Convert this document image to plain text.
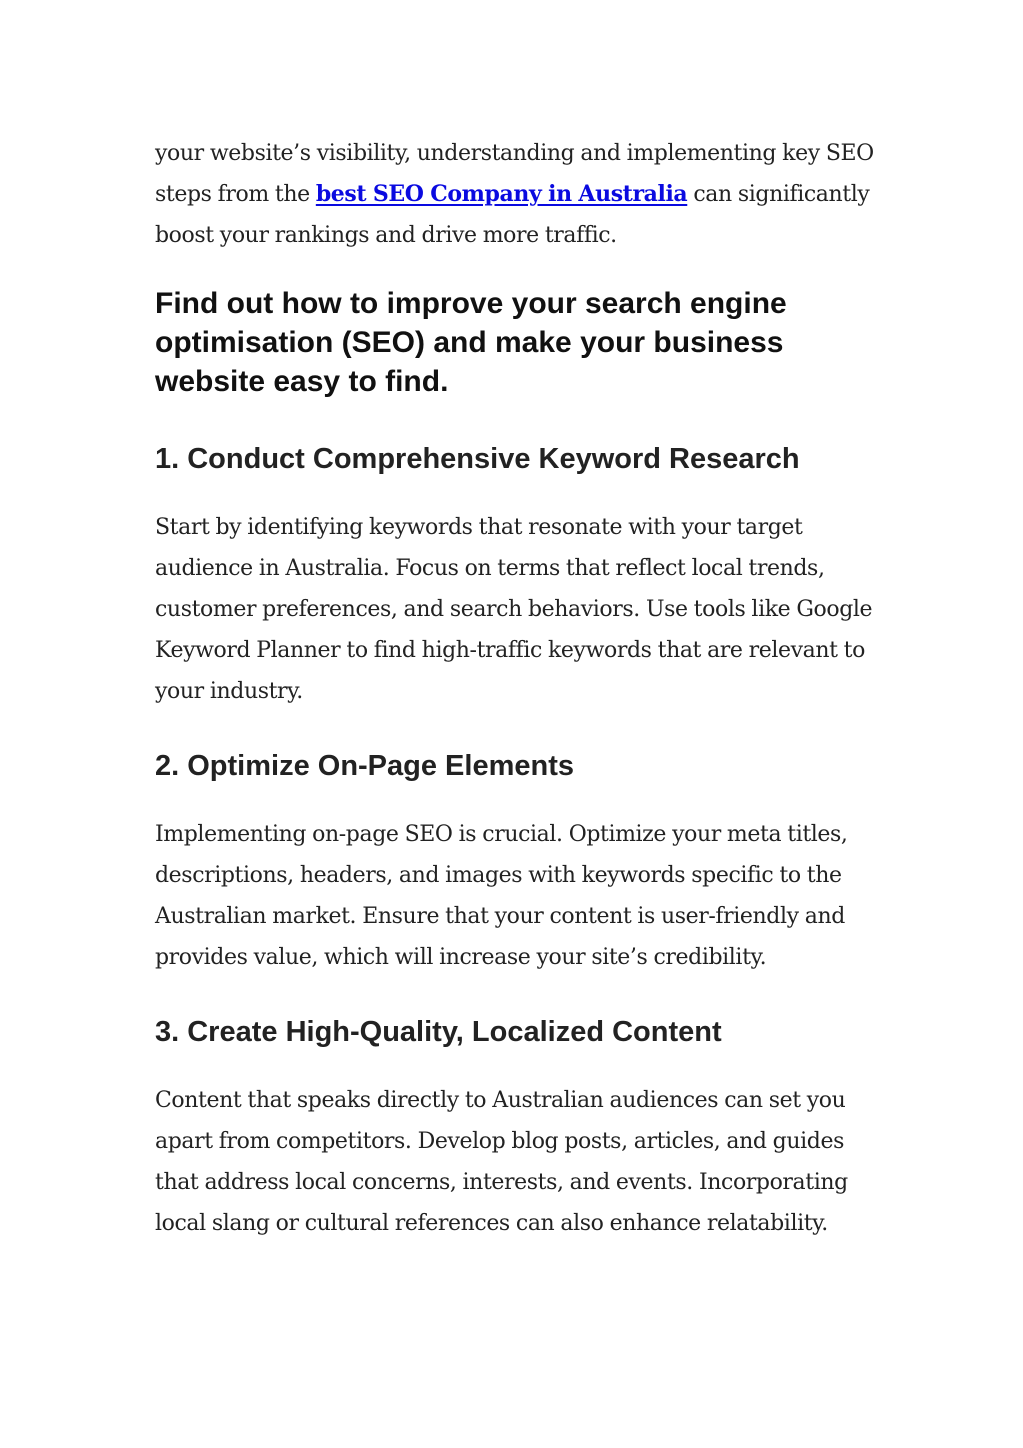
your website’s visibility, understanding and implementing key SEO steps from the best SEO Company in Australia can significantly boost your rankings and drive more traffic.

Find out how to improve your search engine optimisation (SEO) and make your business website easy to find.
1. Conduct Comprehensive Keyword Research

Start by identifying keywords that resonate with your target audience in Australia. Focus on terms that reflect local trends, customer preferences, and search behaviors. Use tools like Google Keyword Planner to find high-traffic keywords that are relevant to your industry.

2. Optimize On-Page Elements

Implementing on-page SEO is crucial. Optimize your meta titles, descriptions, headers, and images with keywords specific to the Australian market. Ensure that your content is user-friendly and provides value, which will increase your site’s credibility.

3. Create High-Quality, Localized Content

Content that speaks directly to Australian audiences can set you apart from competitors. Develop blog posts, articles, and guides that address local concerns, interests, and events. Incorporating local slang or cultural references can also enhance relatability.
